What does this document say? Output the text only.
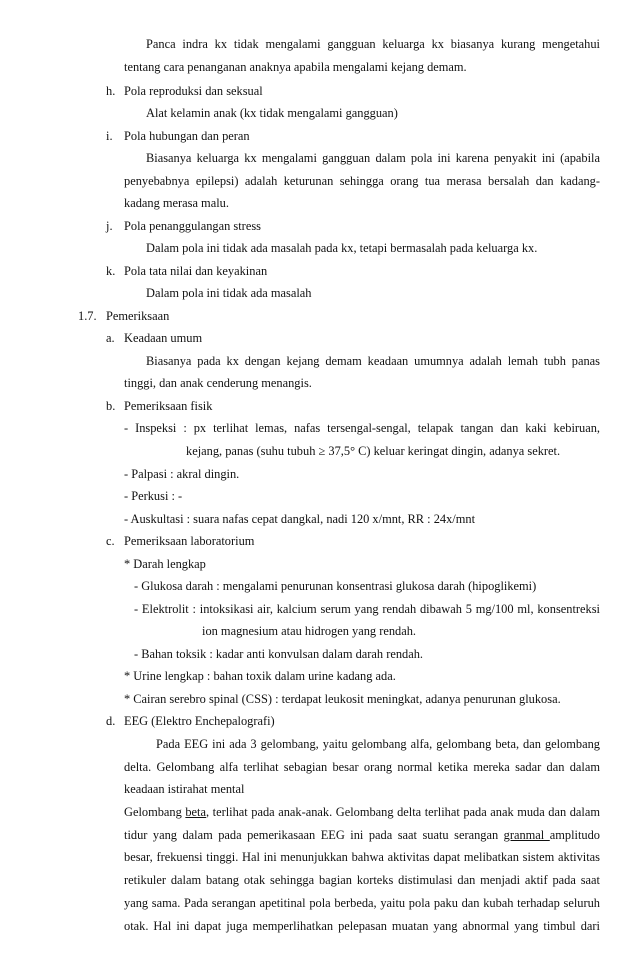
Panca indra kx tidak mengalami gangguan keluarga kx biasanya kurang mengetahui
tentang cara penanganan anaknya apabila mengalami kejang demam.
h. Pola reproduksi dan seksual
Alat kelamin anak (kx tidak mengalami gangguan)
i. Pola hubungan dan peran
Biasanya keluarga kx mengalami gangguan dalam pola ini karena penyakit ini (apabila
penyebabnya epilepsi) adalah keturunan sehingga orang tua merasa bersalah dan kadang-
kadang merasa malu.
j. Pola penanggulangan stress
Dalam pola ini tidak ada masalah pada kx, tetapi bermasalah pada keluarga kx.
k. Pola tata nilai dan keyakinan
Dalam pola ini tidak ada masalah
1.7. Pemeriksaan
a. Keadaan umum
Biasanya pada kx dengan kejang demam keadaan umumnya adalah lemah tubh panas
tinggi, dan anak cenderung menangis.
b. Pemeriksaan fisik
- Inspeksi : px terlihat lemas, nafas tersengal-sengal, telapak tangan dan kaki kebiruan,
kejang, panas (suhu tubuh ≥ 37,5° C) keluar keringat dingin, adanya sekret.
- Palpasi : akral dingin.
- Perkusi : -
- Auskultasi : suara nafas cepat dangkal, nadi 120 x/mnt, RR : 24x/mnt
c. Pemeriksaan laboratorium
* Darah lengkap
- Glukosa darah : mengalami penurunan konsentrasi glukosa darah (hipoglikemi)
- Elektrolit : intoksikasi air, kalcium serum yang rendah dibawah 5 mg/100 ml, konsentreksi
ion magnesium atau hidrogen yang rendah.
- Bahan toksik : kadar anti konvulsan dalam darah rendah.
* Urine lengkap : bahan toxik dalam urine kadang ada.
* Cairan serebro spinal (CSS) : terdapat leukosit meningkat, adanya penurunan glukosa.
d. EEG (Elektro Enchepalografi)
Pada EEG ini ada 3 gelombang, yaitu gelombang alfa, gelombang beta, dan gelombang
delta. Gelombang alfa terlihat sebagian besar orang normal ketika mereka sadar dan dalam
keadaan istirahat mental
Gelombang beta, terlihat pada anak-anak. Gelombang delta terlihat pada anak muda dan dalam
tidur yang dalam pada pemerikasaan EEG ini pada saat suatu serangan granmal amplitudo
besar, frekuensi tinggi. Hal ini menunjukkan bahwa aktivitas dapat melibatkan sistem aktivitas
retikuler dalam batang otak sehingga bagian korteks distimulasi dan menjadi aktif pada saat
yang sama. Pada serangan apetitinal pola berbeda, yaitu pola paku dan kubah terhadap seluruh
otak. Hal ini dapat juga memperlihatkan pelepasan muatan yang abnormal yang timbul dari
